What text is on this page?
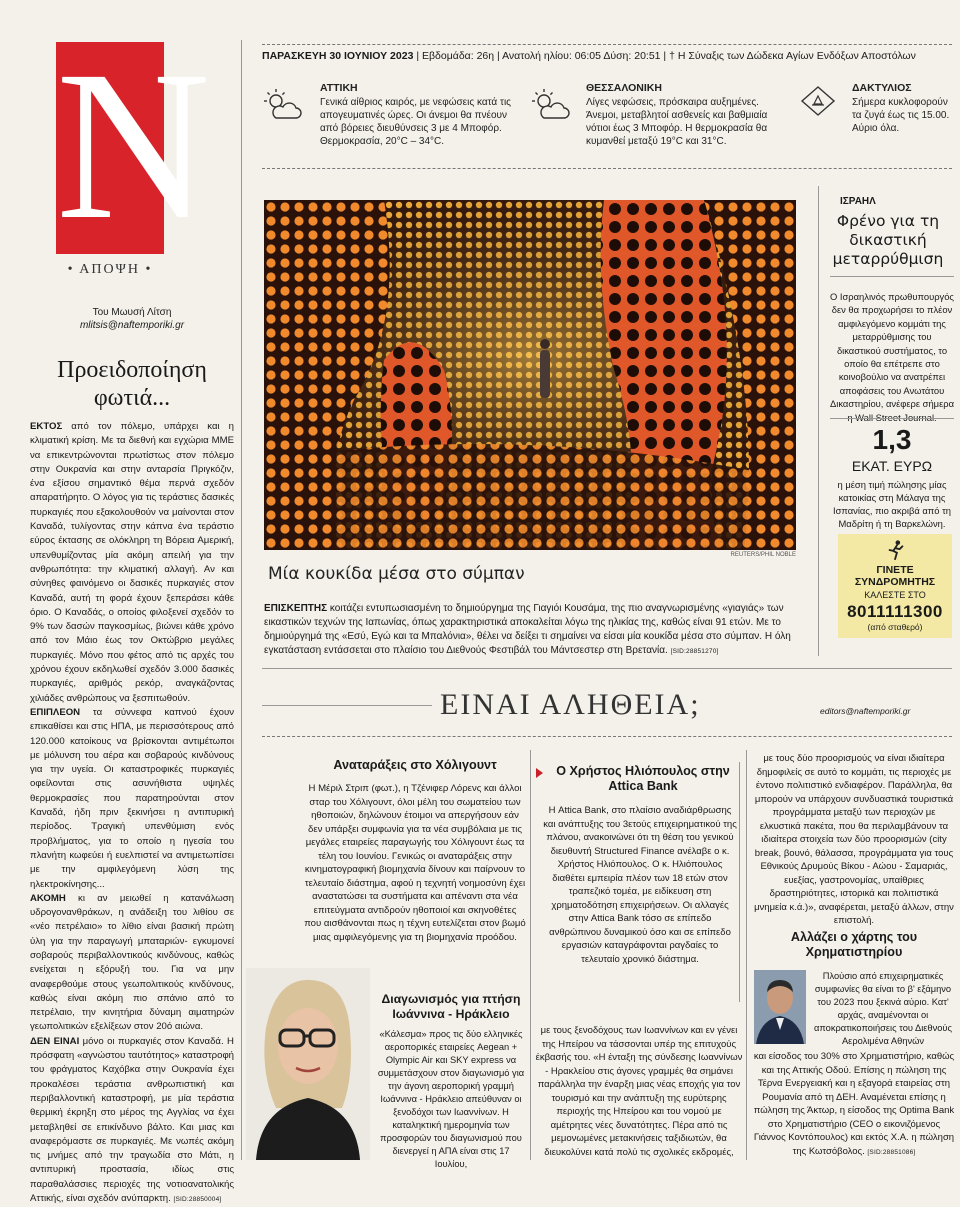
N
• ΑΠΟΨΗ •
Του Μωυσή Λίτση
mlitsis@naftemporiki.gr
Προειδοποίηση φωτιά...

ΕΚΤΟΣ από τον πόλεμο, υπάρχει και η κλιματική κρίση. Με τα διεθνή και εγχώρια ΜΜΕ να επικεντρώνονται πρωτίστως στον πόλεμο στην Ουκρανία και στην ανταρσία Πριγκόζιν, ένα εξίσου σημαντικό θέμα περνά σχεδόν απαρατήρητο. Ο λόγος για τις τεράστιες δασικές πυρκαγιές που εξακολουθούν να μαίνονται στον Καναδά, τυλίγοντας στην κάπνα ένα τεράστιο εύρος έκτασης σε ολόκληρη τη Βόρεια Αμερική, υπενθυμίζοντας μία ακόμη απειλή για την ανθρωπότητα: την κλιματική αλλαγή. Αν και σύνηθες φαινόμενο οι δασικές πυρκαγιές στον Καναδά, αυτή τη φορά έχουν ξεπεράσει κάθε όριο. Ο Καναδάς, ο οποίος φιλοξενεί σχεδόν το 9% των δασών παγκοσμίως, βιώνει κάθε χρόνο από τον Μάιο έως τον Οκτώβριο μεγάλες πυρκαγιές. Μόνο που φέτος από τις αρχές του χρόνου έχουν εκδηλωθεί σχεδόν 3.000 δασικές πυρκαγιές, αριθμός ρεκόρ, αναγκάζοντας χιλιάδες ανθρώπους να ξεσπιτωθούν.

ΕΠΙΠΛΕΟΝ τα σύννεφα καπνού έχουν επικαθίσει και στις ΗΠΑ, με περισσότερους από 120.000 κατοίκους να βρίσκονται αντιμέτωποι με μόλυνση του αέρα και σοβαρούς κινδύνους για την υγεία. Οι καταστροφικές πυρκαγιές οφείλονται στις ασυνήθιστα υψηλές θερμοκρασίες που παρατηρούνται στον Καναδά, ήδη πριν ξεκινήσει η αντιπυρική περίοδος. Τραγική υπενθύμιση ενός προβλήματος, για το οποίο η ηγεσία του πλανήτη κωφεύει ή ευελπιστεί να αντιμετωπίσει με την αμφιλεγόμενη λύση της ηλεκτροκίνησης...

ΑΚΟΜΗ κι αν μειωθεί η κατανάλωση υδρογονανθράκων, η ανάδειξη του λιθίου σε «νέο πετρέλαιο» το λίθιο είναι βασική πρώτη ύλη για την παραγωγή μπαταριών- εγκυμονεί σοβαρούς περιβαλλοντικούς κινδύνους, καθώς ενείχεται η εξόρυξή του. Για να μην αναφερθούμε στους γεωπολιτικούς κινδύνους, καθώς είναι ακόμη πιο σπάνιο από το πετρέλαιο, την κινητήρια δύναμη αιματηρών γεωπολιτικών εξελίξεων στον 20ό αιώνα.

ΔΕΝ ΕΙΝΑΙ μόνο οι πυρκαγιές στον Καναδά. Η πρόσφατη «αγνώστου ταυτότητος» καταστροφή του φράγματος Καχόβκα στην Ουκρανία έχει προκαλέσει τεράστια ανθρωπιστική και περιβαλλοντική καταστροφή, με μία τεράστια θερμική έκρηξη στο μέρος της Αγγλίας να έχει μεταβληθεί σε επικίνδυνο βάλτο. Και μιας και αναφερόμαστε σε πυρκαγιές. Με νωπές ακόμη τις μνήμες από την τραγωδία στο Μάτι, η αντιπυρική προστασία, ιδίως στις παραθαλάσσιες περιοχές της νοτιοανατολικής Αττικής, είναι σχεδόν ανύπαρκτη. [SID:28850004]

ΠΑΡΑΣΚΕΥΗ 30 ΙΟΥΝΙΟΥ 2023 | Εβδομάδα: 26η | Ανατολή ηλίου: 06:05 Δύση: 20:51 | † Η Σύναξις των Δώδεκα Αγίων Ενδόξων Αποστόλων
ΑΤΤΙΚΗ
Γενικά αίθριος καιρός, με νεφώσεις κατά τις απογευματινές ώρες. Οι άνεμοι θα πνέουν από βόρειες διευθύνσεις 3 με 4 Μποφόρ. Θερμοκρασία, 20°C – 34°C.
ΘΕΣΣΑΛΟΝΙΚΗ
Λίγες νεφώσεις, πρόσκαιρα αυξημένες. Άνεμοι, μεταβλητοί ασθενείς και βαθμιαία νότιοι έως 3 Μποφόρ. Η θερμοκρασία θα κυμανθεί μεταξύ 19°C και 31°C.
ΔΑΚΤΥΛΙΟΣ
Σήμερα κυκλοφορούν τα ζυγά έως τις 15.00. Αύριο όλα.
REUTERS/PHIL NOBLE
Μία κουκίδα μέσα στο σύμπαν
ΕΠΙΣΚΕΠΤΗΣ κοιτάζει εντυπωσιασμένη το δημιούργημα της Γιαγιόι Κουσάμα, της πιο αναγνωρισμένης «γιαγιάς» των εικαστικών τεχνών της Ιαπωνίας, όπως χαρακτηριστικά αποκαλείται λόγω της ηλικίας της, καθώς είναι 91 ετών. Με το δημιούργημά της «Εσύ, Εγώ και τα Μπαλόνια», θέλει να δείξει τι σημαίνει να είσαι μία κουκίδα μέσα στο σύμπαν. Η όλη εγκατάσταση εντάσσεται στο πλαίσιο του Διεθνούς Φεστιβάλ του Μάντσεστερ στη Βρετανία. [SID:28851270]
ΙΣΡΑΗΛ
Φρένο για τη δικαστική μεταρρύθμιση
Ο Ισραηλινός πρωθυπουργός δεν θα προχωρήσει το πλέον αμφιλεγόμενο κομμάτι της μεταρρύθμισης του δικαστικού συστήματος, το οποίο θα επέτρεπε στο κοινοβούλιο να ανατρέπει αποφάσεις του Ανωτάτου Δικαστηρίου, ανέφερε σήμερα
1,3
ΕΚΑΤ. ΕΥΡΩ
η μέση τιμή πώλησης μίας κατοικίας στη Μάλαγα της Ισπανίας, πιο ακριβά από τη Μαδρίτη ή τη Βαρκελώνη.
ΓΙΝΕΤΕ
ΣΥΝΔΡΟΜΗΤΗΣ
ΚΑΛΕΣΤΕ ΣΤΟ
8011111300
(από σταθερό)
ΕΙΝΑΙ ΑΛΗΘΕΙΑ;	editors@naftemporiki.gr
Αναταράξεις στο Χόλιγουντ
Η Μέριλ Στριπ (φωτ.), η Τζένιφερ Λόρενς και άλλοι σταρ του Χόλιγουντ, όλοι μέλη του σωματείου των ηθοποιών, δηλώνουν έτοιμοι να απεργήσουν εάν δεν υπάρξει συμφωνία για τα νέα συμβόλαια με τις μεγάλες εταιρείες παραγωγής του Χόλιγουντ έως τα τέλη του Ιουνίου. Γενικώς οι αναταράξεις στην κινηματογραφική βιομηχανία δίνουν και παίρνουν το τελευταίο διάστημα, αφού η τεχνητή νοημοσύνη έχει αναστατώσει τα συστήματα και απέναντι στα νέα επιτεύγματα αντιδρούν ηθοποιοί και σκηνοθέτες που αισθάνονται πως η τέχνη ευτελίζεται στον βωμό μιας αμφιλεγόμενης για τη βιομηχανία προόδου.
Διαγωνισμός για πτήση Ιωάννινα - Ηράκλειο
«Κάλεσμα» προς τις δύο ελληνικές αεροπορικές εταιρείες Aegean + Olympic Air και SKY express να συμμετάσχουν στον διαγωνισμό για την άγονη αεροπορική γραμμή Ιωάννινα - Ηράκλειο απεύθυναν οι ξενοδόχοι των Ιωαννίνων. Η καταληκτική ημερομηνία των προσφορών του διαγωνισμού που διενεργεί η ΑΠΑ είναι στις 17 Ιουλίου,
Ο Χρήστος Ηλιόπουλος στην Attica Bank
Η Attica Bank, στο πλαίσιο αναδιάρθρωσης και ανάπτυξης του 3ετούς επιχειρηματικού της πλάνου, ανακοινώνει ότι τη θέση του γενικού διευθυντή Structured Finance ανέλαβε ο κ. Χρήστος Ηλιόπουλος. Ο κ. Ηλιόπουλος διαθέτει εμπειρία πλέον των 18 ετών στον τραπεζικό τομέα, με ειδίκευση στη χρηματοδότηση επιχειρήσεων. Οι αλλαγές στην Attica Bank τόσο σε επίπεδο ανθρώπινου δυναμικού όσο και σε επίπεδο εργασιών καταγράφονται ραγδαίες το τελευταίο χρονικό διάστημα.
με τους ξενοδόχους των Ιωαννίνων και εν γένει της Ηπείρου να τάσσονται υπέρ της επιτυχούς έκβασής του. «Η ένταξη της σύνδεσης Ιωαννίνων - Ηρακλείου στις άγονες γραμμές θα σημάνει παράλληλα την έναρξη μιας νέας εποχής για τον τουρισμό και την ανάπτυξη της ευρύτερης περιοχής της Ηπείρου και του νομού με αμέτρητες νέες δυνατότητες. Πέρα από τις μεμονωμένες μετακινήσεις ταξιδιωτών, θα διευκολύνει κατά πολύ τις σχολικές εκδρομές,
με τους δύο προορισμούς να είναι ιδιαίτερα δημοφιλείς σε αυτό το κομμάτι, τις περιοχές με έντονο πολιτιστικό ενδιαφέρον. Παράλληλα, θα μπορούν να υπάρχουν συνδυαστικά τουριστικά προγράμματα μεταξύ των περιοχών με ελκυστικά πακέτα, που θα περιλαμβάνουν τα ιδιαίτερα στοιχεία των δύο προορισμών (city break, βουνό, θάλασσα, προγράμματα για τους Εθνικούς Δρυμούς Βίκου - Αώου - Σαμαριάς, ευεξίας, γαστρονομίας, υπαίθριες δραστηριότητες, ιστορικά και πολιτιστικά μνημεία κ.ά.)», αναφέρεται, μεταξύ άλλων, στην επιστολή.
Αλλάζει ο χάρτης του Χρηματιστηρίου
Πλούσιο από επιχειρηματικές συμφωνίες θα είναι το β' εξάμηνο του 2023 που ξεκινά αύριο. Κατ' αρχάς, αναμένονται οι αποκρατικοποιήσεις του Διεθνούς Αερολιμένα Αθηνών
και είσοδος του 30% στο Χρηματιστήριο, καθώς και της Αττικής Οδού. Επίσης η πώληση της Τέρνα Ενεργειακή και η εξαγορά εταιρείας στη Ρουμανία από τη ΔΕΗ. Αναμένεται επίσης η πώληση της Άκτωρ, η είσοδος της Optima Bank στο Χρηματιστήριο (CEO ο εικονιζόμενος Γιάννος Κοντόπουλος) και εκτός Χ.Α. η πώληση της Κωτσόβολος. [SID:28851086]
